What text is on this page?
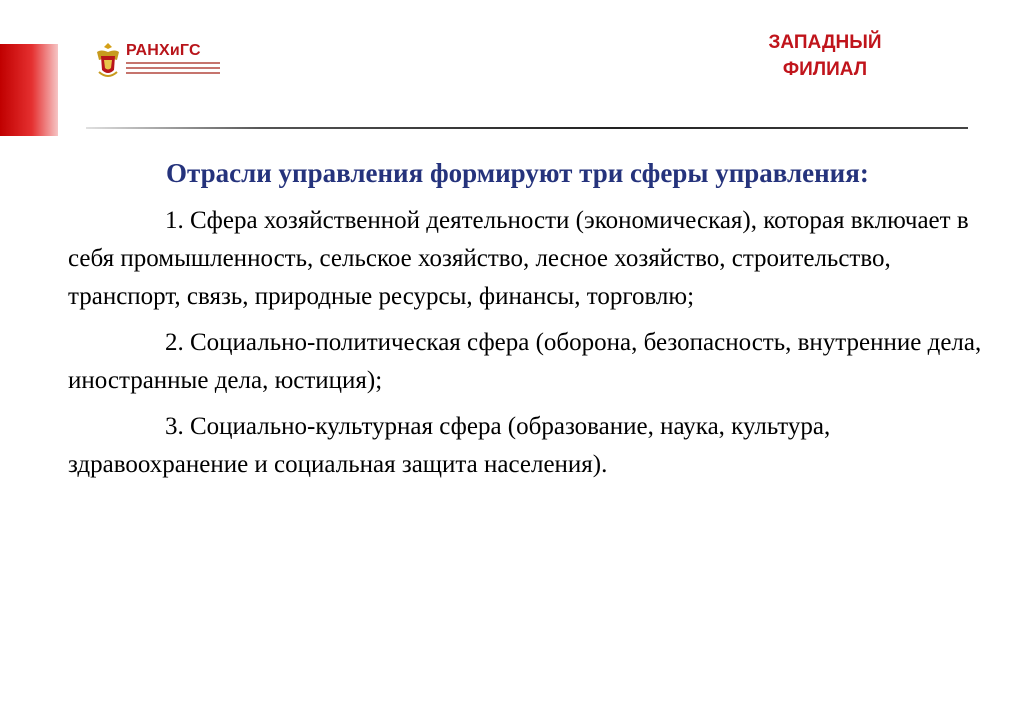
РАНХиГС	ЗАПАДНЫЙ
ФИЛИАЛ

Отрасли управления формируют три сферы управления:

1. Сфера хозяйственной деятельности (экономическая), которая включает в себя промышленность, сельское хозяйство, лесное хозяйство, строительство, транспорт, связь, природные ресурсы, финансы, торговлю;

2. Социально-политическая сфера (оборона, безопасность, внутренние дела, иностранные дела, юстиция);

3. Социально-культурная сфера (образование, наука, культура, здравоохранение и социальная защита населения).
